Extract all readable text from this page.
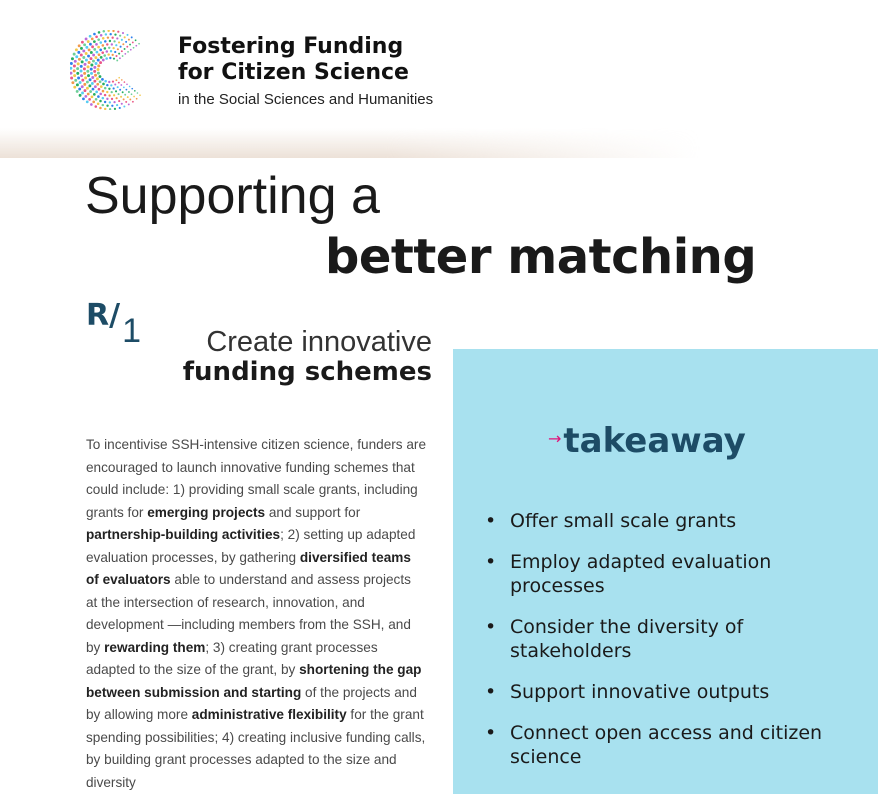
Fostering Funding
for Citizen Science
in the Social Sciences and Humanities
Supporting a
better matching
R/1	Create innovative
funding schemes

To incentivise SSH-intensive citizen science, funders are encouraged to launch innovative funding schemes that could include: 1) providing small scale grants, including grants for emerging projects and support for partnership-building activities; 2) setting up adapted evaluation processes, by gathering diversified teams of evaluators able to understand and assess projects at the intersection of research, innovation, and development —including members from the SSH, and by rewarding them; 3) creating grant processes adapted to the size of the grant, by shortening the gap between submission and starting of the projects and by allowing more administrative flexibility for the grant spending possibilities; 4) creating inclusive funding calls, by building grant processes adapted to the size and diversity

→takeaway
• Offer small scale grants
• Employ adapted evaluation processes
• Consider the diversity of stakeholders
• Support innovative outputs
• Connect open access and citizen science
